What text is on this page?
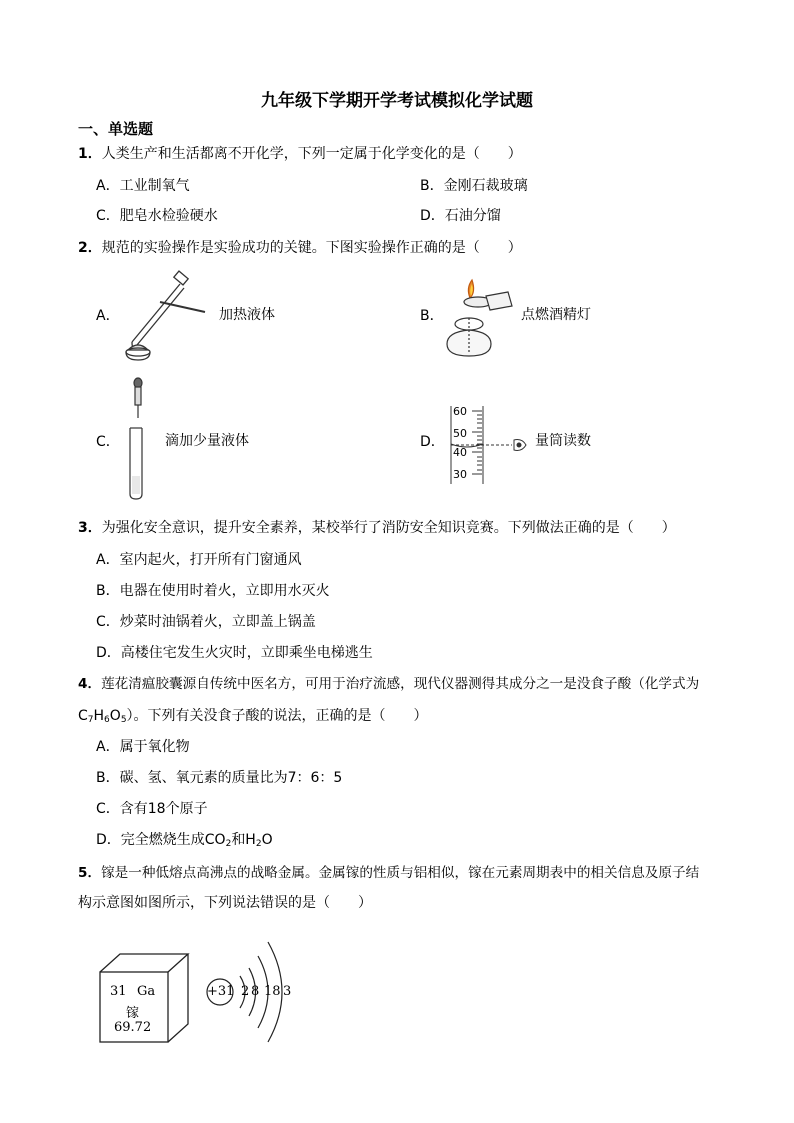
九年级下学期开学考试模拟化学试题
一、单选题
1．人类生产和生活都离不开化学，下列一定属于化学变化的是（　　）
A．工业制氧气	B．金刚石裁玻璃
C．肥皂水检验硬水	D．石油分馏
2．规范的实验操作是实验成功的关键。下图实验操作正确的是（　　）
A．	加热液体	B．	点燃酒精灯
C．	滴加少量液体	D．
60
50
40
30
量筒读数
3．为强化安全意识，提升安全素养，某校举行了消防安全知识竞赛。下列做法正确的是（　　）
A．室内起火，打开所有门窗通风
B．电器在使用时着火，立即用水灭火
C．炒菜时油锅着火，立即盖上锅盖
D．高楼住宅发生火灾时，立即乘坐电梯逃生
4．莲花清瘟胶囊源自传统中医名方，可用于治疗流感，现代仪器测得其成分之一是没食子酸（化学式为
$C_7H_6O_5$）。下列有关没食子酸的说法，正确的是（　　）
A．属于氧化物
B．碳、氢、氧元素的质量比为7：6：5
C．含有18个原子
D．完全燃烧生成$CO_2$和$H_2O$
5．镓是一种低熔点高沸点的战略金属。金属镓的性质与铝相似，镓在元素周期表中的相关信息及原子结
构示意图如图所示，下列说法错误的是（　　）
31 Ga
镓
69.72
+31 2 8 18 3
